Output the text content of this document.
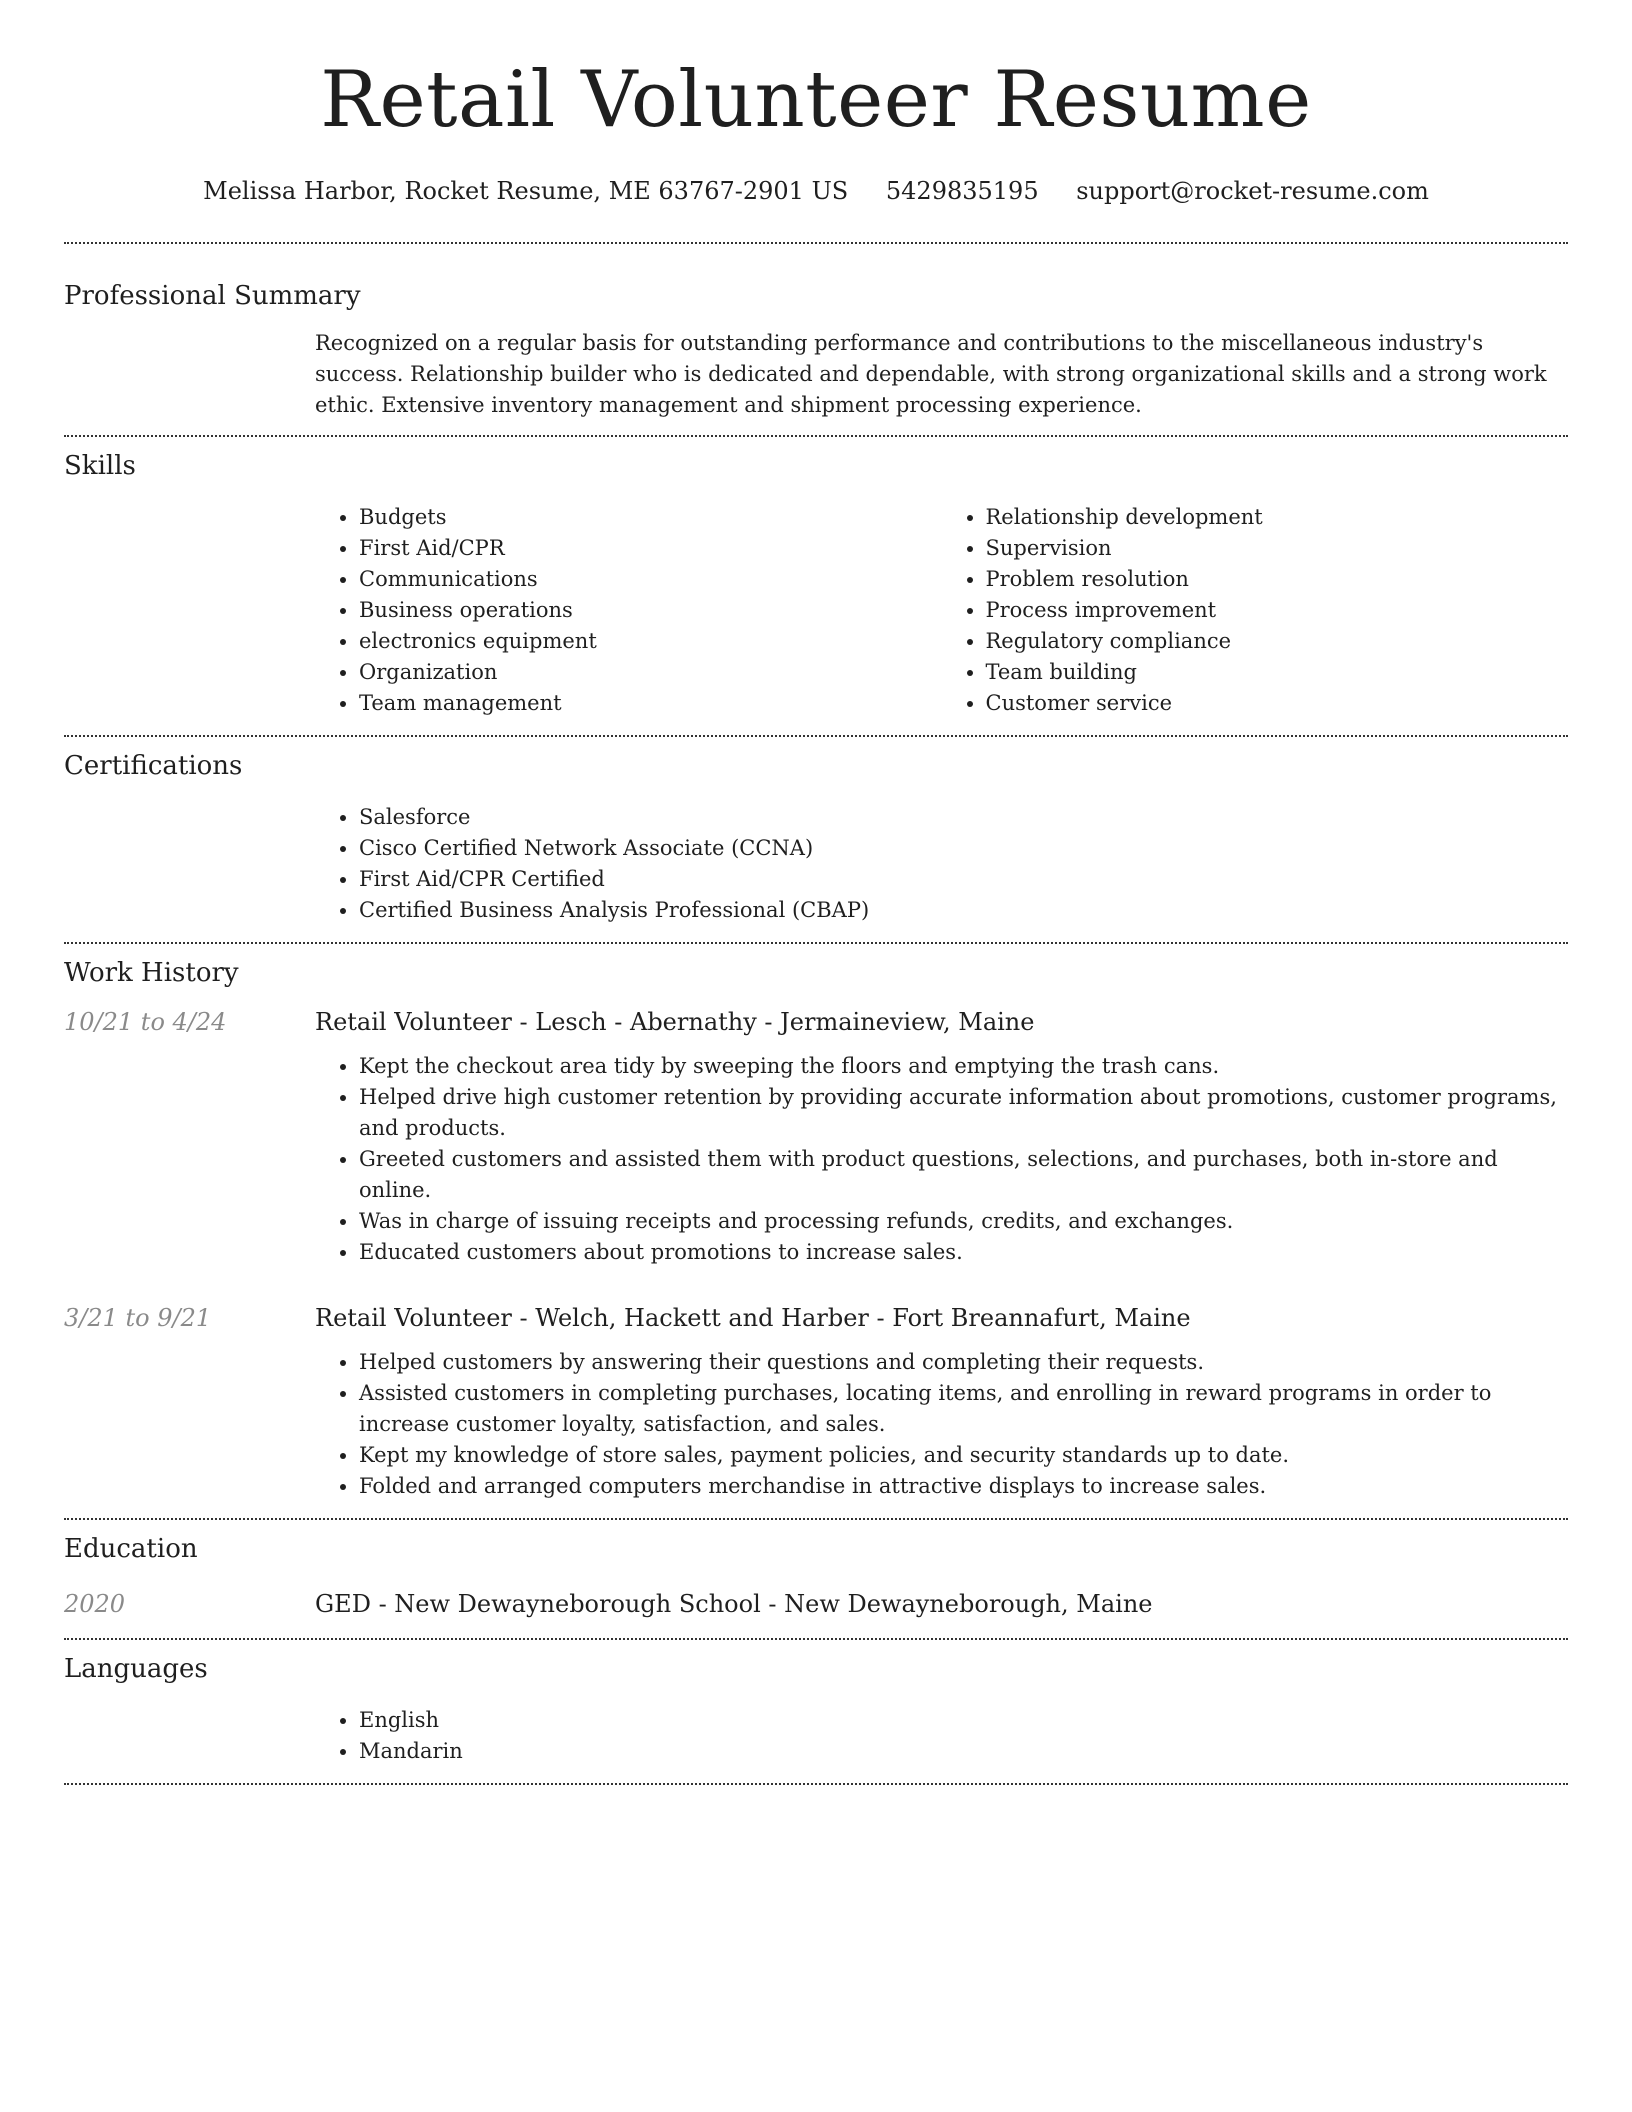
Retail Volunteer Resume
Melissa Harbor, Rocket Resume, ME 63767-2901 US 5429835195 support@rocket-resume.com
Professional Summary
Recognized on a regular basis for outstanding performance and contributions to the miscellaneous industry's success. Relationship builder who is dedicated and dependable, with strong organizational skills and a strong work ethic. Extensive inventory management and shipment processing experience.
Skills
• Budgets
• First Aid/CPR
• Communications
• Business operations
• electronics equipment
• Organization
• Team management
• Relationship development
• Supervision
• Problem resolution
• Process improvement
• Regulatory compliance
• Team building
• Customer service
Certifications
• Salesforce
• Cisco Certified Network Associate (CCNA)
• First Aid/CPR Certified
• Certified Business Analysis Professional (CBAP)
Work History
10/21 to 4/24	Retail Volunteer - Lesch - Abernathy - Jermaineview, Maine
• Kept the checkout area tidy by sweeping the floors and emptying the trash cans.
• Helped drive high customer retention by providing accurate information about promotions, customer programs, and products.
• Greeted customers and assisted them with product questions, selections, and purchases, both in-store and online.
• Was in charge of issuing receipts and processing refunds, credits, and exchanges.
• Educated customers about promotions to increase sales.
3/21 to 9/21	Retail Volunteer - Welch, Hackett and Harber - Fort Breannafurt, Maine
• Helped customers by answering their questions and completing their requests.
• Assisted customers in completing purchases, locating items, and enrolling in reward programs in order to increase customer loyalty, satisfaction, and sales.
• Kept my knowledge of store sales, payment policies, and security standards up to date.
• Folded and arranged computers merchandise in attractive displays to increase sales.
Education
2020	GED - New Dewayneborough School - New Dewayneborough, Maine
Languages
• English
• Mandarin
